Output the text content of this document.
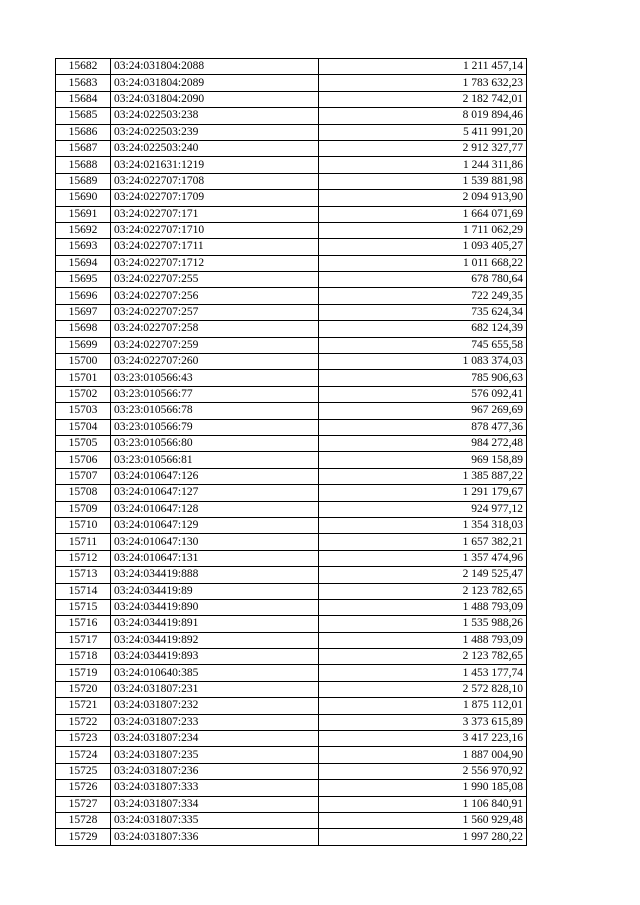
15682	03:24:031804:2088	1 211 457,14
15683	03:24:031804:2089	1 783 632,23
15684	03:24:031804:2090	2 182 742,01
15685	03:24:022503:238	8 019 894,46
15686	03:24:022503:239	5 411 991,20
15687	03:24:022503:240	2 912 327,77
15688	03:24:021631:1219	1 244 311,86
15689	03:24:022707:1708	1 539 881,98
15690	03:24:022707:1709	2 094 913,90
15691	03:24:022707:171	1 664 071,69
15692	03:24:022707:1710	1 711 062,29
15693	03:24:022707:1711	1 093 405,27
15694	03:24:022707:1712	1 011 668,22
15695	03:24:022707:255	678 780,64
15696	03:24:022707:256	722 249,35
15697	03:24:022707:257	735 624,34
15698	03:24:022707:258	682 124,39
15699	03:24:022707:259	745 655,58
15700	03:24:022707:260	1 083 374,03
15701	03:23:010566:43	785 906,63
15702	03:23:010566:77	576 092,41
15703	03:23:010566:78	967 269,69
15704	03:23:010566:79	878 477,36
15705	03:23:010566:80	984 272,48
15706	03:23:010566:81	969 158,89
15707	03:24:010647:126	1 385 887,22
15708	03:24:010647:127	1 291 179,67
15709	03:24:010647:128	924 977,12
15710	03:24:010647:129	1 354 318,03
15711	03:24:010647:130	1 657 382,21
15712	03:24:010647:131	1 357 474,96
15713	03:24:034419:888	2 149 525,47
15714	03:24:034419:89	2 123 782,65
15715	03:24:034419:890	1 488 793,09
15716	03:24:034419:891	1 535 988,26
15717	03:24:034419:892	1 488 793,09
15718	03:24:034419:893	2 123 782,65
15719	03:24:010640:385	1 453 177,74
15720	03:24:031807:231	2 572 828,10
15721	03:24:031807:232	1 875 112,01
15722	03:24:031807:233	3 373 615,89
15723	03:24:031807:234	3 417 223,16
15724	03:24:031807:235	1 887 004,90
15725	03:24:031807:236	2 556 970,92
15726	03:24:031807:333	1 990 185,08
15727	03:24:031807:334	1 106 840,91
15728	03:24:031807:335	1 560 929,48
15729	03:24:031807:336	1 997 280,22
